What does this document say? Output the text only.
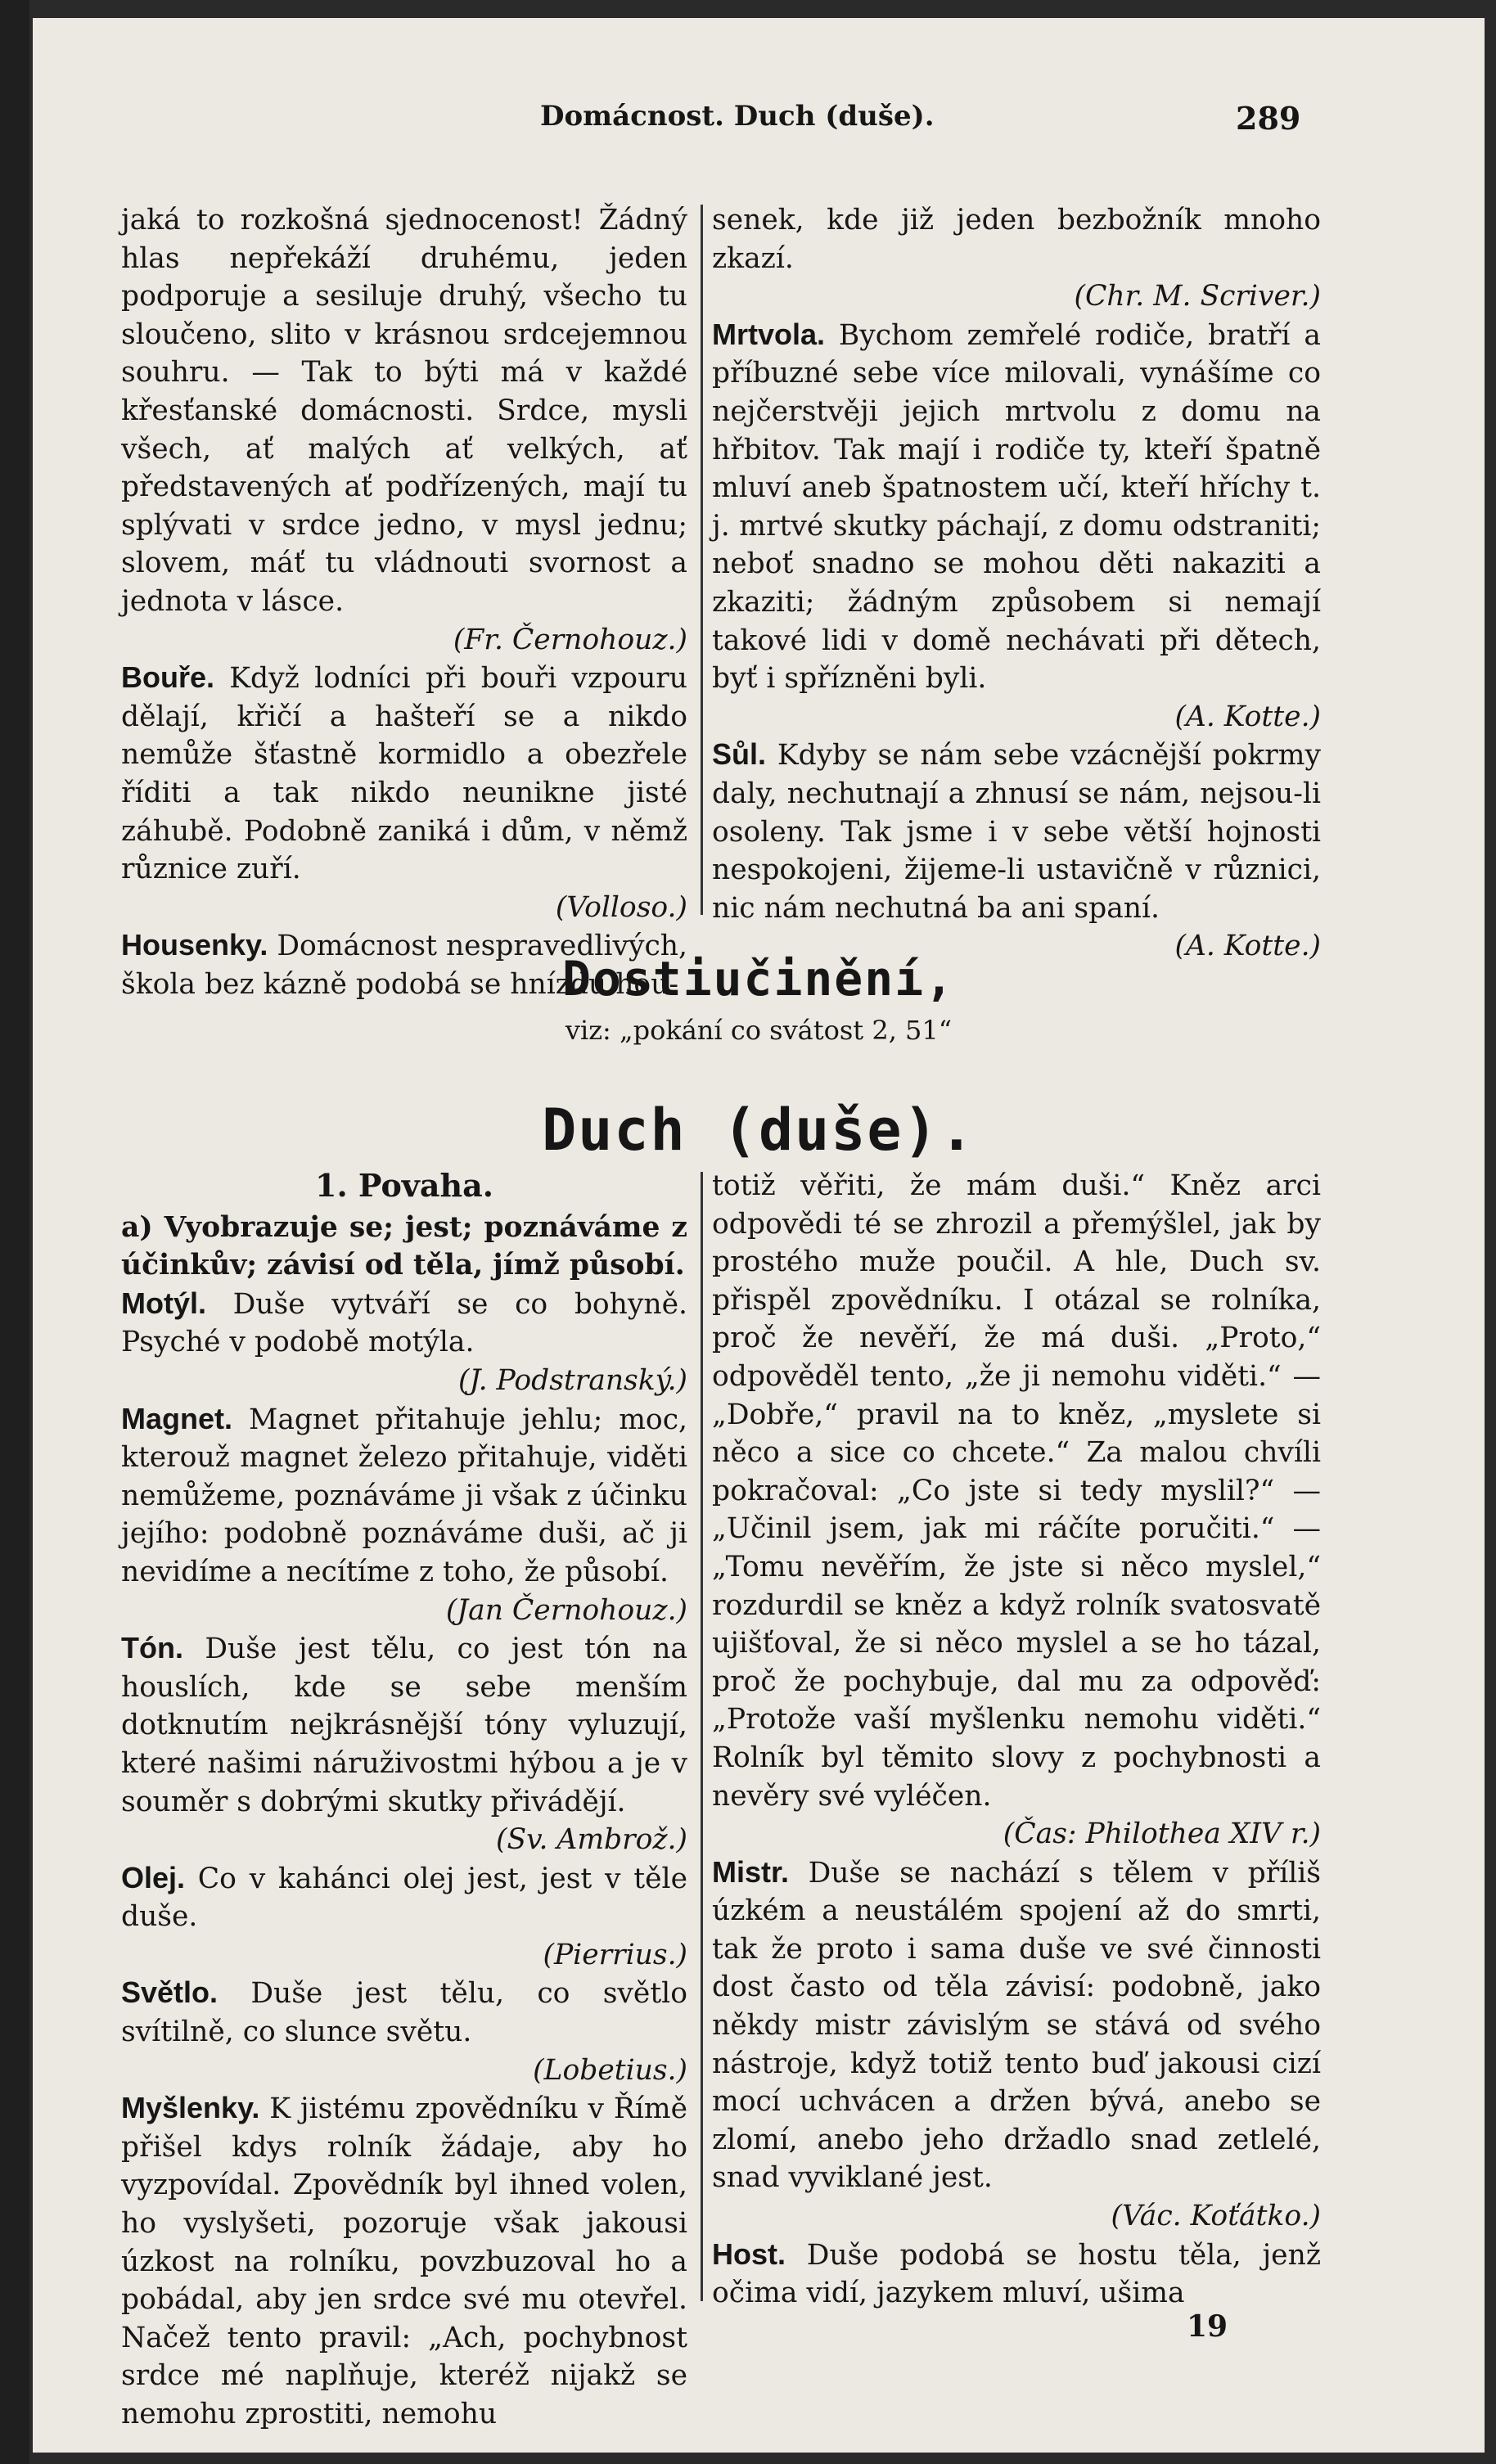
Domácnost. Duch (duše).	289

jaká to rozkošná sjednocenost! Žádný hlas nepřekáží druhému, jeden podporuje a sesiluje druhý, všecho tu sloučeno, slito v krásnou srdcejemnou souhru. — Tak to býti má v každé křesťanské domácnosti. Srdce, mysli všech, ať malých ať velkých, ať představených ať podřízených, mají tu splývati v srdce jedno, v mysl jednu; slovem, máť tu vládnouti svornost a jednota v lásce.

(Fr. Černohouz.)

Bouře. Když lodníci při bouři vzpouru dělají, křičí a hašteří se a nikdo nemůže šťastně kormidlo a obezřele říditi a tak nikdo neunikne jisté záhubě. Podobně zaniká i dům, v němž různice zuří.

(Volloso.)

Housenky. Domácnost nespravedlivých, škola bez kázně podobá se hnízdu hou-

senek, kde již jeden bezbožník mnoho zkazí.

(Chr. M. Scriver.)

Mrtvola. Bychom zemřelé rodiče, bratří a příbuzné sebe více milovali, vynášíme co nejčerstvěji jejich mrtvolu z domu na hřbitov. Tak mají i rodiče ty, kteří špatně mluví aneb špatnostem učí, kteří hříchy t. j. mrtvé skutky páchají, z domu odstraniti; neboť snadno se mohou děti nakaziti a zkaziti; žádným způsobem si nemají takové lidi v domě nechávati při dětech, byť i spřízněni byli.

(A. Kotte.)

Sůl. Kdyby se nám sebe vzácnější pokrmy daly, nechutnají a zhnusí se nám, nejsou-li osoleny. Tak jsme i v sebe větší hojnosti nespokojeni, žijeme-li ustavičně v různici, nic nám nechutná ba ani spaní.

(A. Kotte.)
Dostiučinění,
viz: „pokání co svátost 2, 51“
Duch (duše).

1. Povaha.

a) Vyobrazuje se; jest; poznáváme z účinkův; závisí od těla, jímž působí.

Motýl. Duše vytváří se co bohyně. Psyché v podobě motýla.

(J. Podstranský.)

Magnet. Magnet přitahuje jehlu; moc, kterouž magnet železo přitahuje, viděti nemůžeme, poznáváme ji však z účinku jejího: podobně poznáváme duši, ač ji nevidíme a necítíme z toho, že působí.

(Jan Černohouz.)

Tón. Duše jest tělu, co jest tón na houslích, kde se sebe menším dotknutím nejkrásnější tóny vyluzují, které našimi náruživostmi hýbou a je v souměr s dobrými skutky přivádějí.

(Sv. Ambrož.)

Olej. Co v kahánci olej jest, jest v těle duše.

(Pierrius.)

Světlo. Duše jest tělu, co světlo svítilně, co slunce světu.

(Lobetius.)

Myšlenky. K jistému zpovědníku v Římě přišel kdys rolník žádaje, aby ho vyzpovídal. Zpovědník byl ihned volen, ho vyslyšeti, pozoruje však jakousi úzkost na rolníku, povzbuzoval ho a pobádal, aby jen srdce své mu otevřel. Načež tento pravil: „Ach, pochybnost srdce mé naplňuje, kteréž nijakž se nemohu zprostiti, nemohu

totiž věřiti, že mám duši.“ Kněz arci odpovědi té se zhrozil a přemýšlel, jak by prostého muže poučil. A hle, Duch sv. přispěl zpovědníku. I otázal se rolníka, proč že nevěří, že má duši. „Proto,“ odpověděl tento, „že ji nemohu viděti.“ — „Dobře,“ pravil na to kněz, „myslete si něco a sice co chcete.“ Za malou chvíli pokračoval: „Co jste si tedy myslil?“ — „Učinil jsem, jak mi ráčíte poručiti.“ — „Tomu nevěřím, že jste si něco myslel,“ rozdurdil se kněz a když rolník svatosvatě ujišťoval, že si něco myslel a se ho tázal, proč že pochybuje, dal mu za odpověď: „Protože vaší myšlenku nemohu viděti.“ Rolník byl těmito slovy z pochybnosti a nevěry své vyléčen.

(Čas: Philothea XIV r.)

Mistr. Duše se nachází s tělem v příliš úzkém a neustálém spojení až do smrti, tak že proto i sama duše ve své činnosti dost často od těla závisí: podobně, jako někdy mistr závislým se stává od svého nástroje, když totiž tento buď jakousi cizí mocí uchvácen a držen bývá, anebo se zlomí, anebo jeho držadlo snad zetlelé, snad vyviklané jest.

(Vác. Koťátko.)

Host. Duše podobá se hostu těla, jenž očima vidí, jazykem mluví, ušima

19
